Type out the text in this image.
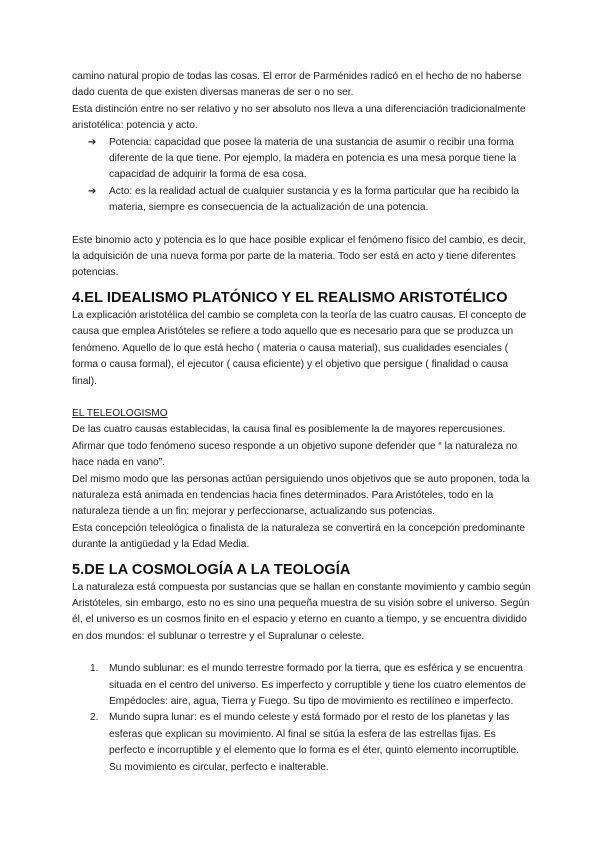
camino natural propio de todas las cosas. El error de Parménides radicó en el hecho de no haberse dado cuenta de que existen diversas maneras de ser o no ser.

Esta distinción entre no ser relativo y no ser absoluto nos lleva a una diferenciación tradicionalmente aristotélica: potencia y acto.

➔ Potencia: capacidad que posee la materia de una sustancia de asumir o recibir una forma diferente de la que tiene. Por ejemplo, la madera en potencia es una mesa porque tiene la capacidad de adquirir la forma de esa cosa.
➔ Acto: es la realidad actual de cualquier sustancia y es la forma particular que ha recibido la materia, siempre es consecuencia de la actualización de una potencia.

Este binomio acto y potencia es lo que hace posible explicar el fenómeno físico del cambio, es decir, la adquisición de una nueva forma por parte de la materia. Todo ser está en acto y tiene diferentes potencias.

4.EL IDEALISMO PLATÓNICO Y EL REALISMO ARISTOTÉLICO

La explicación aristotélica del cambio se completa con la teoría de las cuatro causas. El concepto de causa que emplea Aristóteles se refiere a todo aquello que es necesario para que se produzca un fenómeno. Aquello de lo que está hecho ( materia o causa material), sus cualidades esenciales ( forma o causa formal), el ejecutor ( causa eficiente) y el objetivo que persigue ( finalidad o causa final).

EL TELEOLOGISMO

De las cuatro causas establecidas, la causa final es posiblemente la de mayores repercusiones. Afirmar que todo fenómeno suceso responde a un objetivo supone defender que “ la naturaleza no hace nada en vano”.

Del mismo modo que las personas actúan persiguiendo unos objetivos que se auto proponen, toda la naturaleza está animada en tendencias hacia fines determinados. Para Aristóteles, todo en la naturaleza tiende a un fin: mejorar y perfeccionarse, actualizando sus potencias.

Esta concepción teleológica o finalista de la naturaleza se convertirá en la concepción predominante durante la antigüedad y la Edad Media.

5.DE LA COSMOLOGÍA A LA TEOLOGÍA

La naturaleza está compuesta por sustancias que se hallan en constante movimiento y cambio según Aristóteles, sin embargo, esto no es sino una pequeña muestra de su visión sobre el universo. Según él, el universo es un cosmos finito en el espacio y eterno en cuanto a tiempo, y se encuentra dividido en dos mundos: el sublunar o terrestre y el Supralunar o celeste.

1. Mundo sublunar: es el mundo terrestre formado por la tierra, que es esférica y se encuentra situada en el centro del universo. Es imperfecto y corruptible y tiene los cuatro elementos de Empédocles: aire, agua, Tierra y Fuego. Su tipo de movimiento es rectilíneo e imperfecto.
2. Mundo supra lunar: es el mundo celeste y está formado por el resto de los planetas y las esferas que explican su movimiento. Al final se sitúa la esfera de las estrellas fijas. Es perfecto e incorruptible y el elemento que lo forma es el éter, quinto elemento incorruptible. Su movimiento es circular, perfecto e inalterable.
